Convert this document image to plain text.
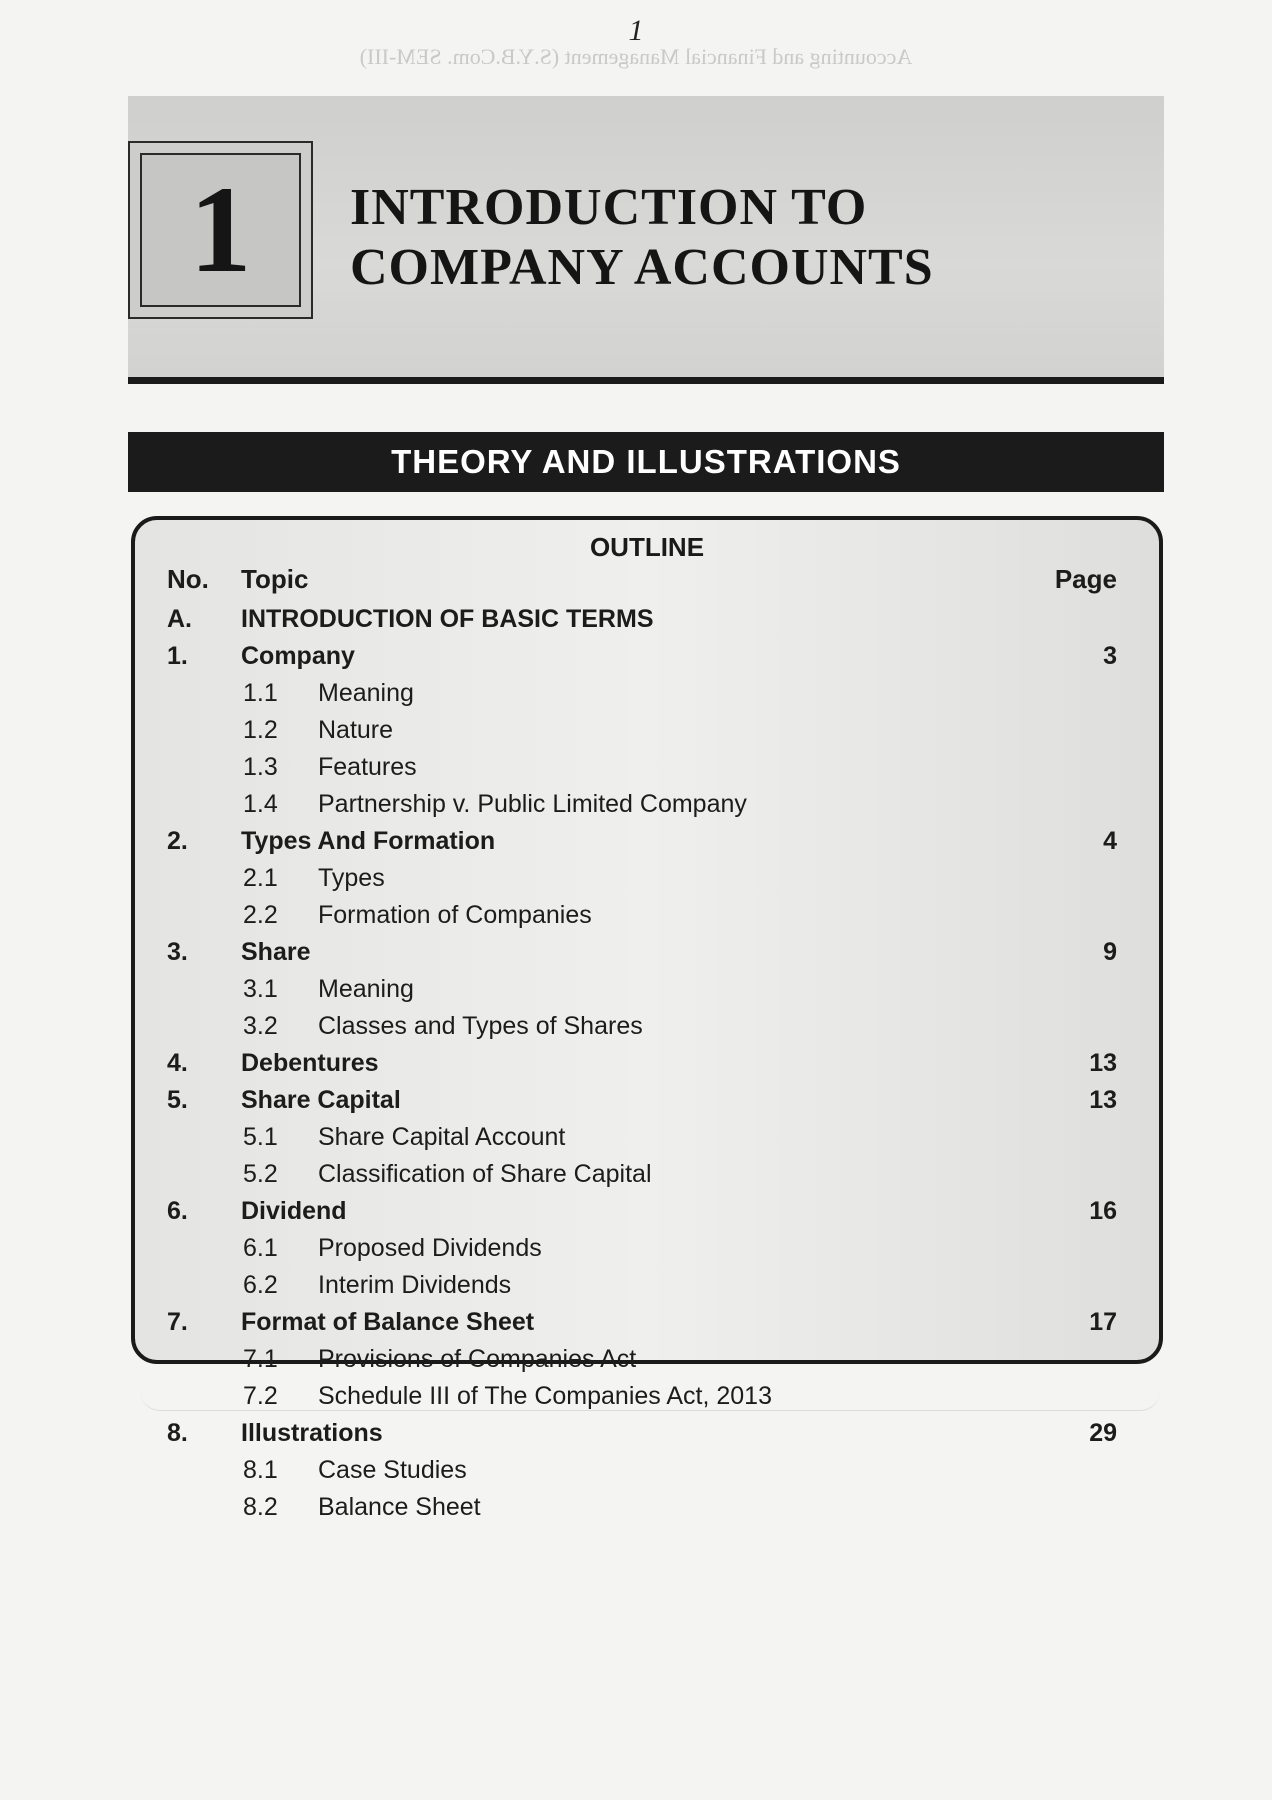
1
Accounting and Financial Management (S.Y.B.Com. SEM-III)
1 INTRODUCTION TO
COMPANY ACCOUNTS
THEORY AND ILLUSTRATIONS
OUTLINE
No. Topic	Page
A. INTRODUCTION OF BASIC TERMS
1. Company	3
1.1 Meaning
1.2 Nature
1.3 Features
1.4 Partnership v. Public Limited Company
2. Types And Formation	4
2.1 Types
2.2 Formation of Companies
3. Share	9
3.1 Meaning
3.2 Classes and Types of Shares
4. Debentures	13
5. Share Capital	13
5.1 Share Capital Account
5.2 Classification of Share Capital
6. Dividend	16
6.1 Proposed Dividends
6.2 Interim Dividends
7. Format of Balance Sheet	17
7.1 Provisions of Companies Act
7.2 Schedule III of The Companies Act, 2013
8. Illustrations	29
8.1 Case Studies
8.2 Balance Sheet
